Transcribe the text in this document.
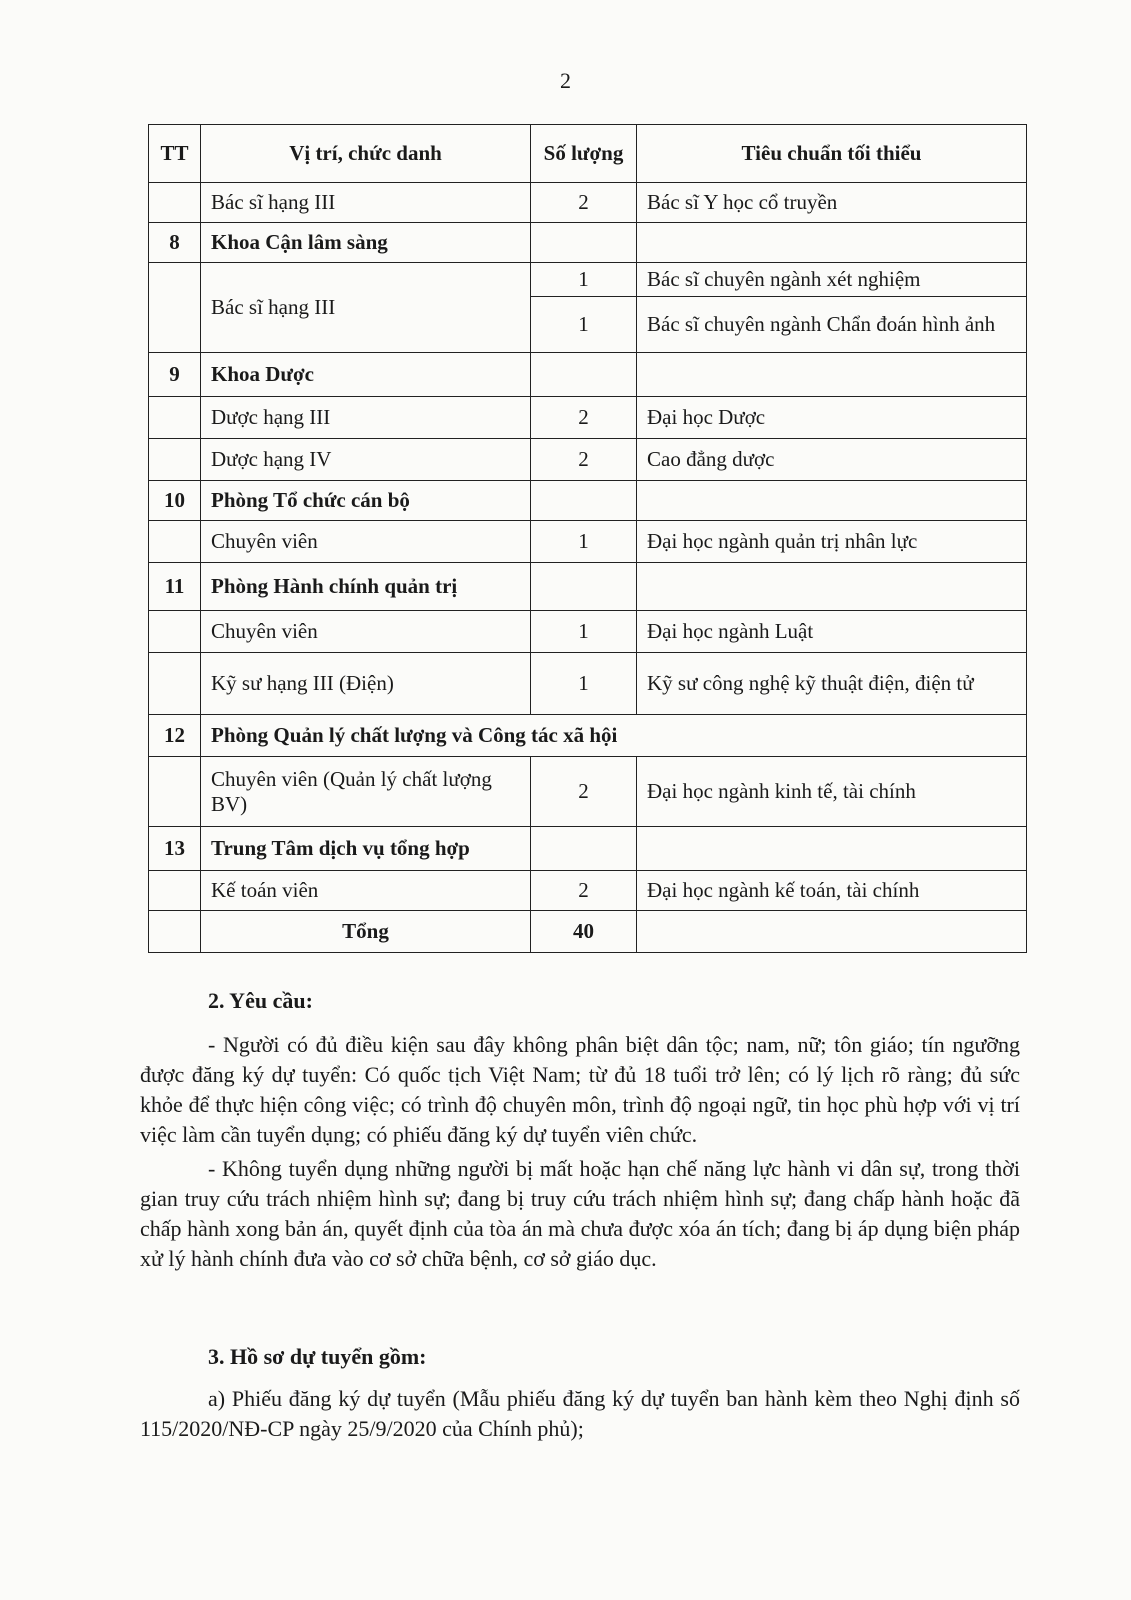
2
TT	Vị trí, chức danh	Số lượng	Tiêu chuẩn tối thiểu
	Bác sĩ hạng III	2	Bác sĩ Y học cổ truyền
8	Khoa Cận lâm sàng		
	Bác sĩ hạng III	1	Bác sĩ chuyên ngành xét nghiệm
		1	Bác sĩ chuyên ngành Chẩn đoán hình ảnh
9	Khoa Dược		
	Dược hạng III	2	Đại học Dược
	Dược hạng IV	2	Cao đẳng dược
10	Phòng Tổ chức cán bộ		
	Chuyên viên	1	Đại học ngành quản trị nhân lực
11	Phòng Hành chính quản trị		
	Chuyên viên	1	Đại học ngành Luật
	Kỹ sư hạng III (Điện)	1	Kỹ sư công nghệ kỹ thuật điện, điện tử
12	Phòng Quản lý chất lượng và Công tác xã hội		
	Chuyên viên (Quản lý chất lượng BV)	2	Đại học ngành kinh tế, tài chính
13	Trung Tâm dịch vụ tổng hợp		
	Kế toán viên	2	Đại học ngành kế toán, tài chính
	Tổng	40	
2. Yêu cầu:

- Người có đủ điều kiện sau đây không phân biệt dân tộc; nam, nữ; tôn giáo; tín ngưỡng được đăng ký dự tuyển: Có quốc tịch Việt Nam; từ đủ 18 tuổi trở lên; có lý lịch rõ ràng; đủ sức khỏe để thực hiện công việc; có trình độ chuyên môn, trình độ ngoại ngữ, tin học phù hợp với vị trí việc làm cần tuyển dụng; có phiếu đăng ký dự tuyển viên chức.

- Không tuyển dụng những người bị mất hoặc hạn chế năng lực hành vi dân sự, trong thời gian truy cứu trách nhiệm hình sự; đang bị truy cứu trách nhiệm hình sự; đang chấp hành hoặc đã chấp hành xong bản án, quyết định của tòa án mà chưa được xóa án tích; đang bị áp dụng biện pháp xử lý hành chính đưa vào cơ sở chữa bệnh, cơ sở giáo dục.

3. Hồ sơ dự tuyển gồm:

a) Phiếu đăng ký dự tuyển (Mẫu phiếu đăng ký dự tuyển ban hành kèm theo Nghị định số 115/2020/NĐ-CP ngày 25/9/2020 của Chính phủ);
